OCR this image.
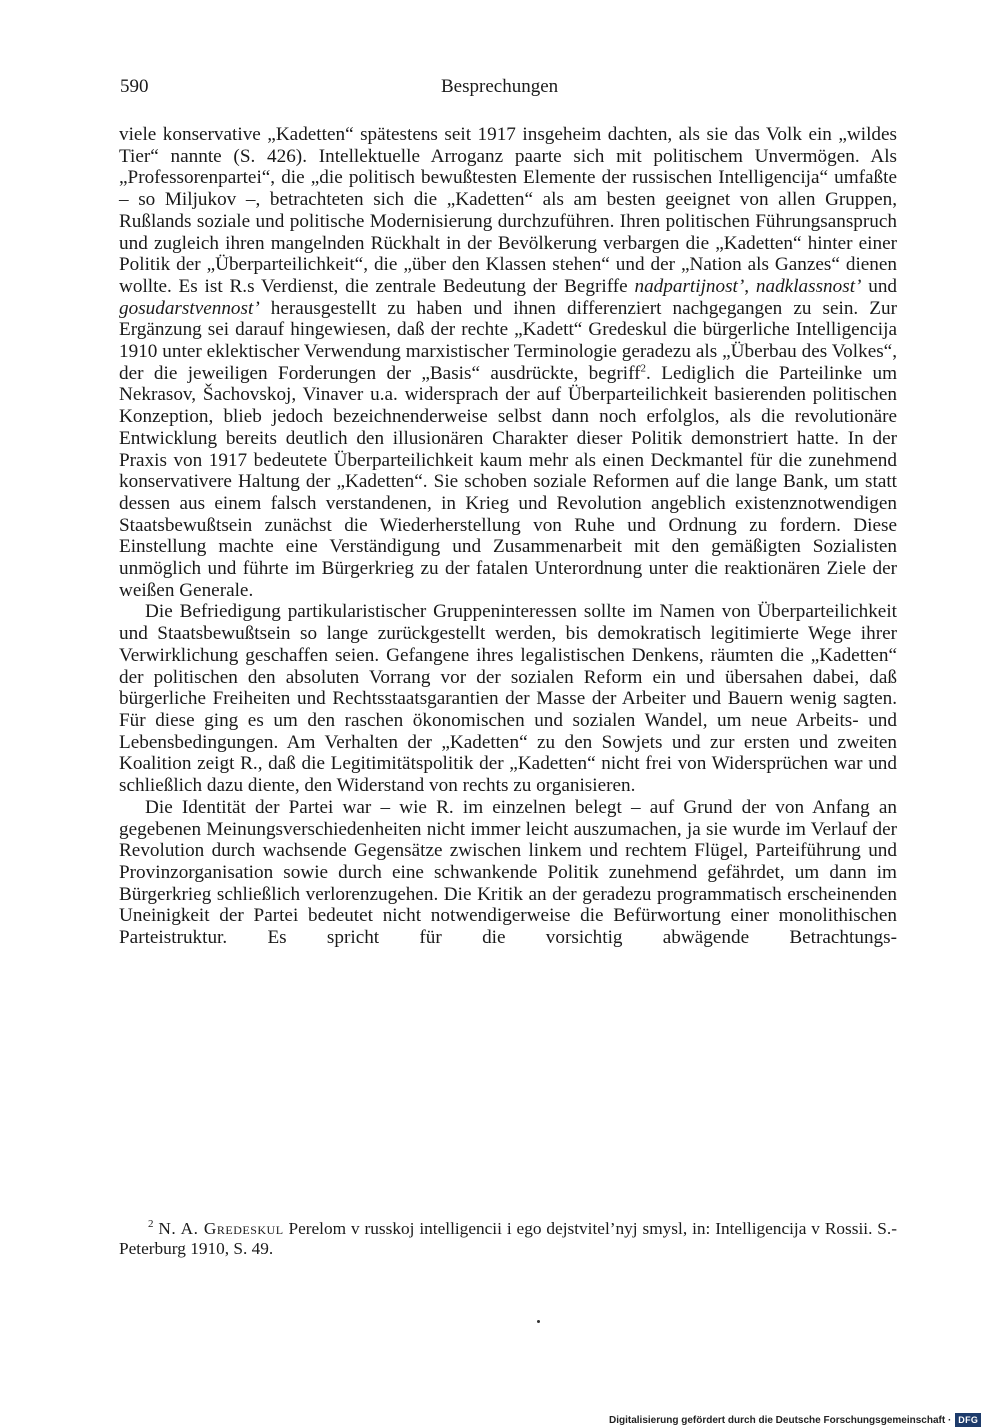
590	Besprechungen

viele konservative „Kadetten“ spätestens seit 1917 insgeheim dachten, als sie das Volk ein „wildes Tier“ nannte (S. 426). Intellektuelle Arroganz paarte sich mit politischem Unvermögen. Als „Professorenpartei“, die „die politisch bewußtesten Elemente der russischen Intelligencija“ umfaßte – so Miljukov –, betrachteten sich die „Kadetten“ als am besten geeignet von allen Gruppen, Rußlands soziale und politische Modernisierung durchzuführen. Ihren politischen Führungsanspruch und zugleich ihren mangelnden Rückhalt in der Bevölkerung verbargen die „Kadetten“ hinter einer Politik der „Überparteilichkeit“, die „über den Klassen stehen“ und der „Nation als Ganzes“ dienen wollte. Es ist R.s Verdienst, die zentrale Bedeutung der Begriffe nadpartijnost’, nadklassnost’ und gosudarstvennost’ herausgestellt zu haben und ihnen differenziert nachgegangen zu sein. Zur Ergänzung sei darauf hingewiesen, daß der rechte „Kadett“ Gredeskul die bürgerliche Intelligencija 1910 unter eklektischer Verwendung marxistischer Terminologie geradezu als „Überbau des Volkes“, der die jeweiligen Forderungen der „Basis“ ausdrückte, begriff$^2$. Lediglich die Parteilinke um Nekrasov, Šachovskoj, Vinaver u.a. widersprach der auf Überparteilichkeit basierenden politischen Konzeption, blieb jedoch bezeichnenderweise selbst dann noch erfolglos, als die revolutionäre Entwicklung bereits deutlich den illusionären Charakter dieser Politik demonstriert hatte. In der Praxis von 1917 bedeutete Überparteilichkeit kaum mehr als einen Deckmantel für die zunehmend konservativere Haltung der „Kadetten“. Sie schoben soziale Reformen auf die lange Bank, um statt dessen aus einem falsch verstandenen, in Krieg und Revolution angeblich existenznotwendigen Staatsbewußtsein zunächst die Wiederherstellung von Ruhe und Ordnung zu fordern. Diese Einstellung machte eine Verständigung und Zusammenarbeit mit den gemäßigten Sozialisten unmöglich und führte im Bürgerkrieg zu der fatalen Unterordnung unter die reaktionären Ziele der weißen Generale.

Die Befriedigung partikularistischer Gruppeninteressen sollte im Namen von Überparteilichkeit und Staatsbewußtsein so lange zurückgestellt werden, bis demokratisch legitimierte Wege ihrer Verwirklichung geschaffen seien. Gefangene ihres legalistischen Denkens, räumten die „Kadetten“ der politischen den absoluten Vorrang vor der sozialen Reform ein und übersahen dabei, daß bürgerliche Freiheiten und Rechtsstaatsgarantien der Masse der Arbeiter und Bauern wenig sagten. Für diese ging es um den raschen ökonomischen und sozialen Wandel, um neue Arbeits- und Lebensbedingungen. Am Verhalten der „Kadetten“ zu den Sowjets und zur ersten und zweiten Koalition zeigt R., daß die Legitimitätspolitik der „Kadetten“ nicht frei von Widersprüchen war und schließlich dazu diente, den Widerstand von rechts zu organisieren.

Die Identität der Partei war – wie R. im einzelnen belegt – auf Grund der von Anfang an gegebenen Meinungsverschiedenheiten nicht immer leicht auszumachen, ja sie wurde im Verlauf der Revolution durch wachsende Gegensätze zwischen linkem und rechtem Flügel, Parteiführung und Provinzorganisation sowie durch eine schwankende Politik zunehmend gefährdet, um dann im Bürgerkrieg schließlich verlorenzugehen. Die Kritik an der geradezu programmatisch erscheinenden Uneinigkeit der Partei bedeutet nicht notwendigerweise die Befürwortung einer monolithischen Parteistruktur. Es spricht für die vorsichtig abwägende Betrachtungs-

$^2$ N. A. Gredeskul Perelom v russkoj intelligencii i ego dejstvitel’nyj smysl, in: Intelligencija v Rossii. S.-Peterburg 1910, S. 49.

Digitalisierung gefördert durch die Deutsche Forschungsgemeinschaft · DFG
